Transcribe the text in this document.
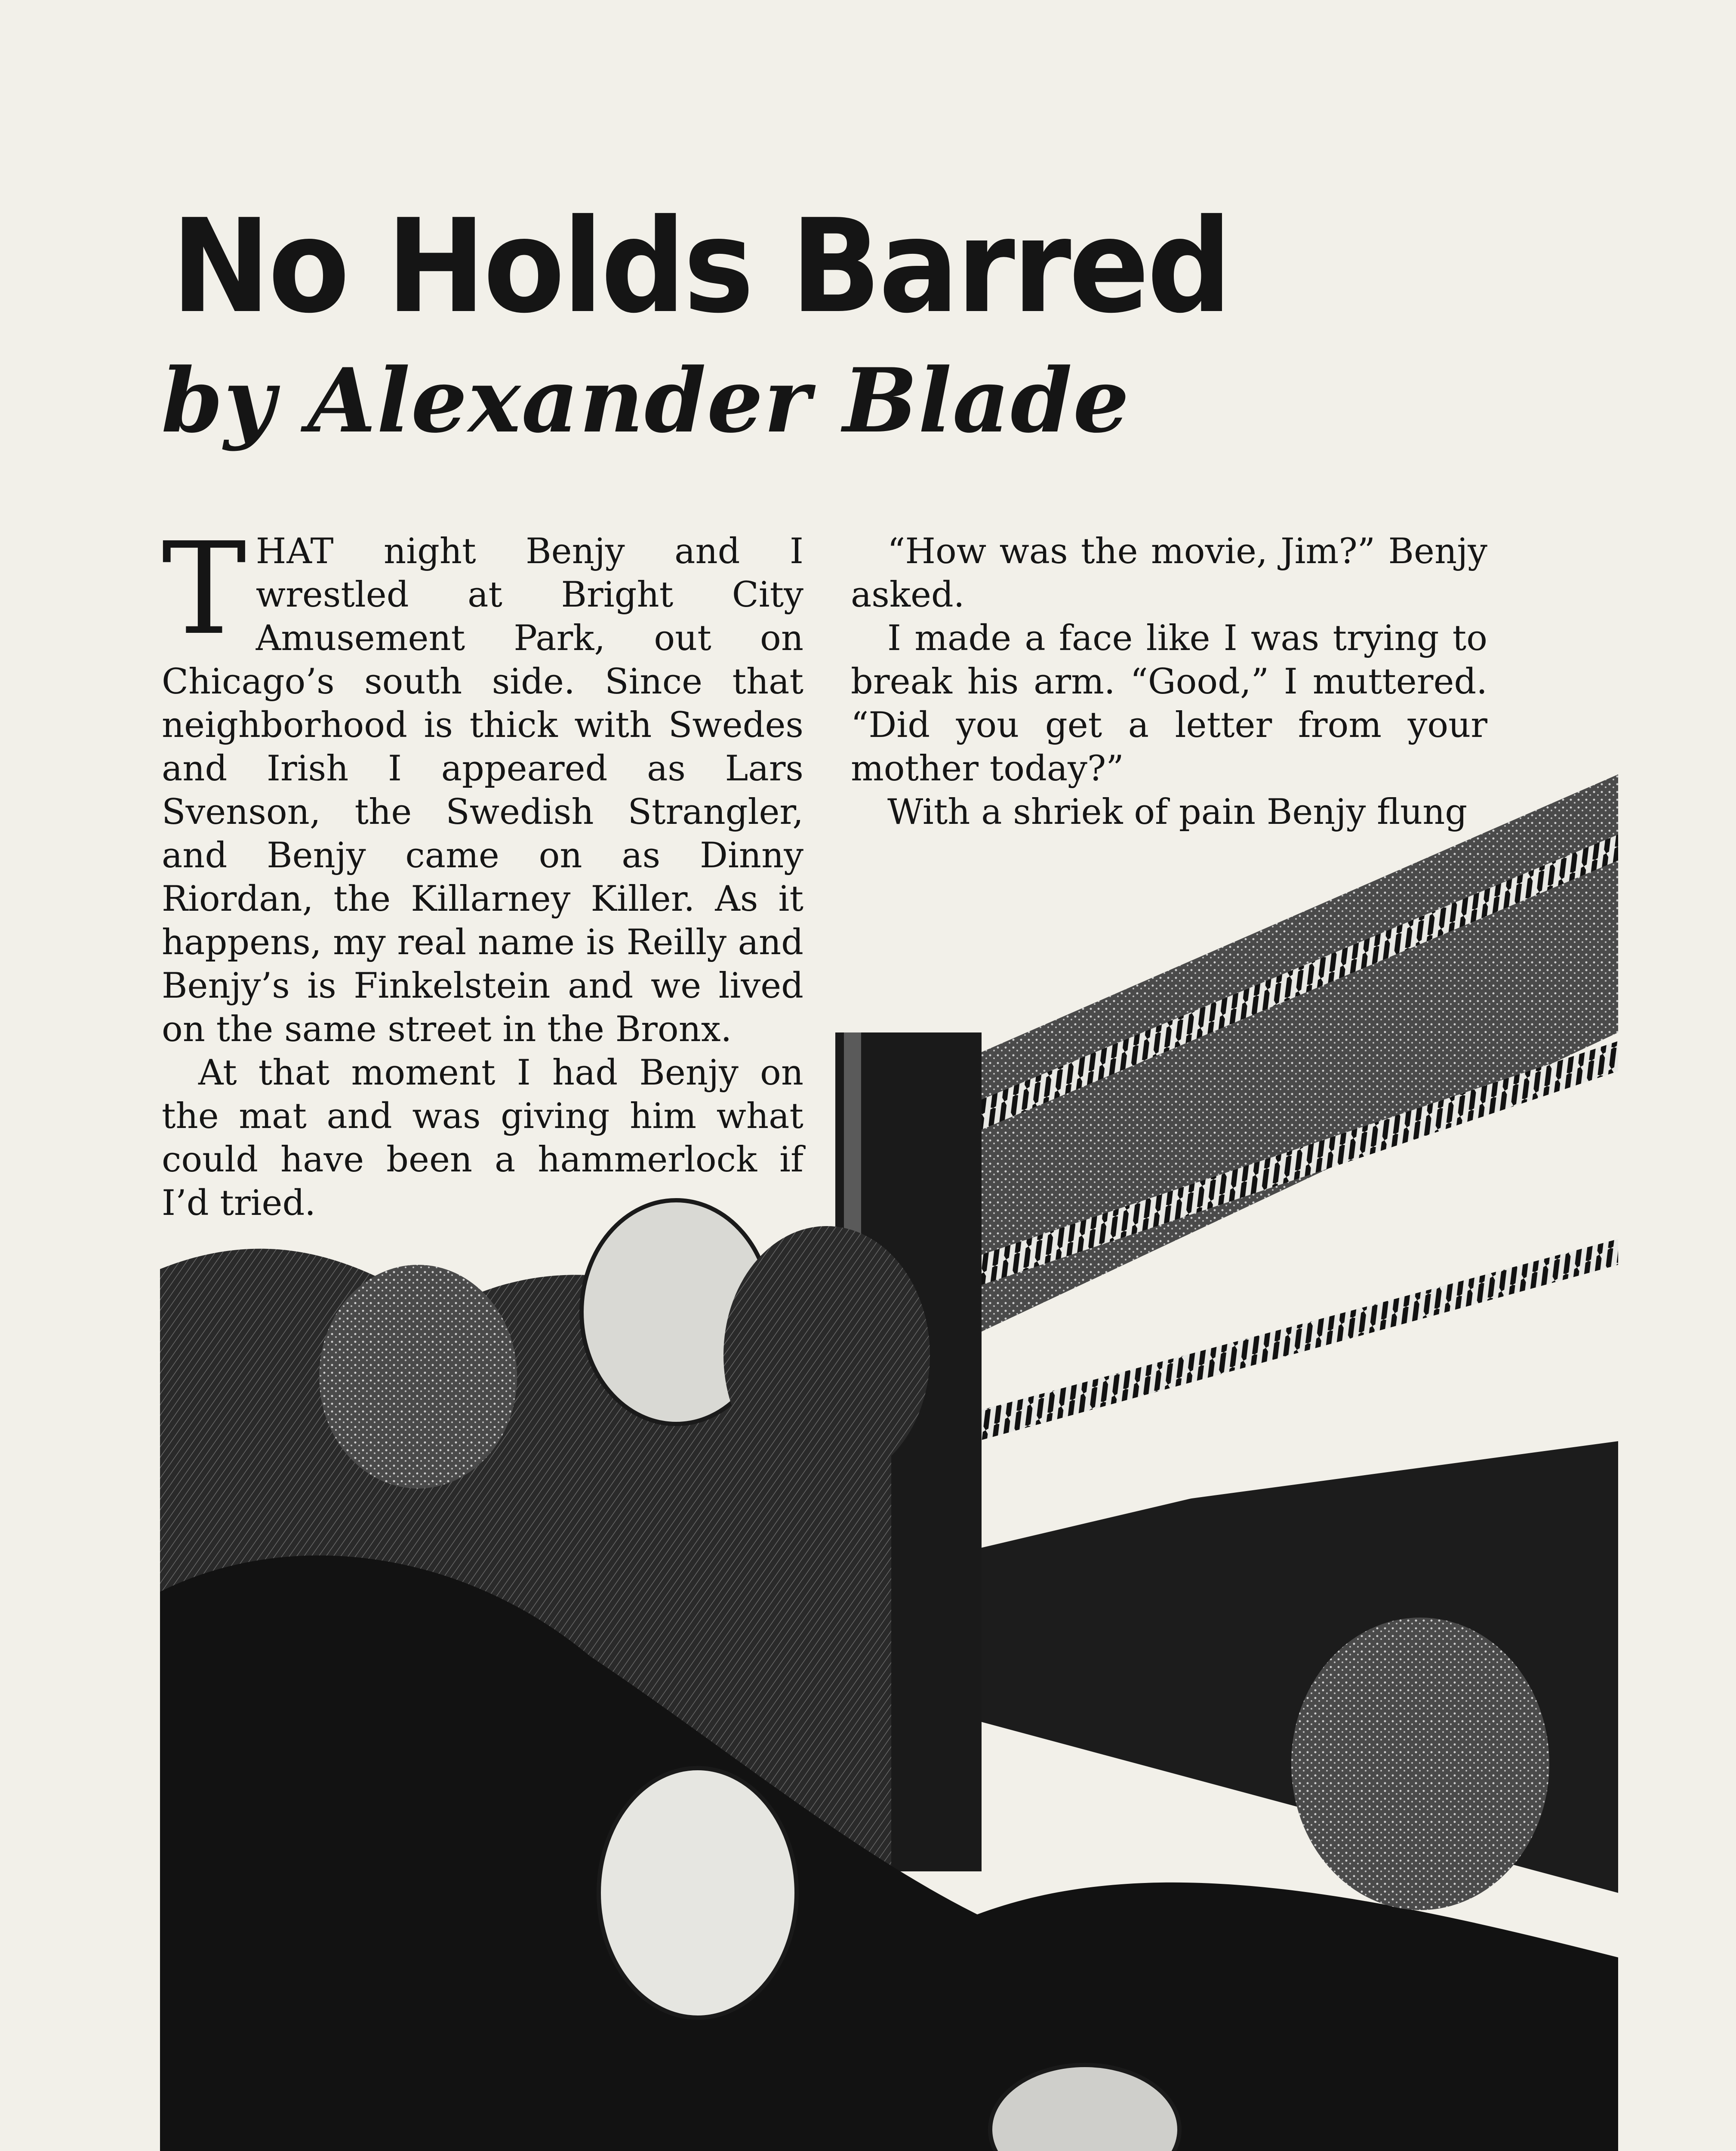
No Holds Barred
by Alexander Blade

THAT night Benjy and I wrestled at Bright City Amusement Park, out on Chicago’s south side. Since that neighborhood is thick with Swedes and Irish I appeared as Lars Svenson, the Swedish Strangler, and Benjy came on as Dinny Riordan, the Killarney Killer. As it happens, my real name is Reilly and Benjy’s is Finkelstein and we lived on the same street in the Bronx.

At that moment I had Benjy on the mat and was giving him what could have been a hammerlock if I’d tried.

“How was the movie, Jim?” Benjy asked.

I made a face like I was trying to break his arm. “Good,” I muttered. “Did you get a letter from your mother today?”

With a shriek of pain Benjy flung
